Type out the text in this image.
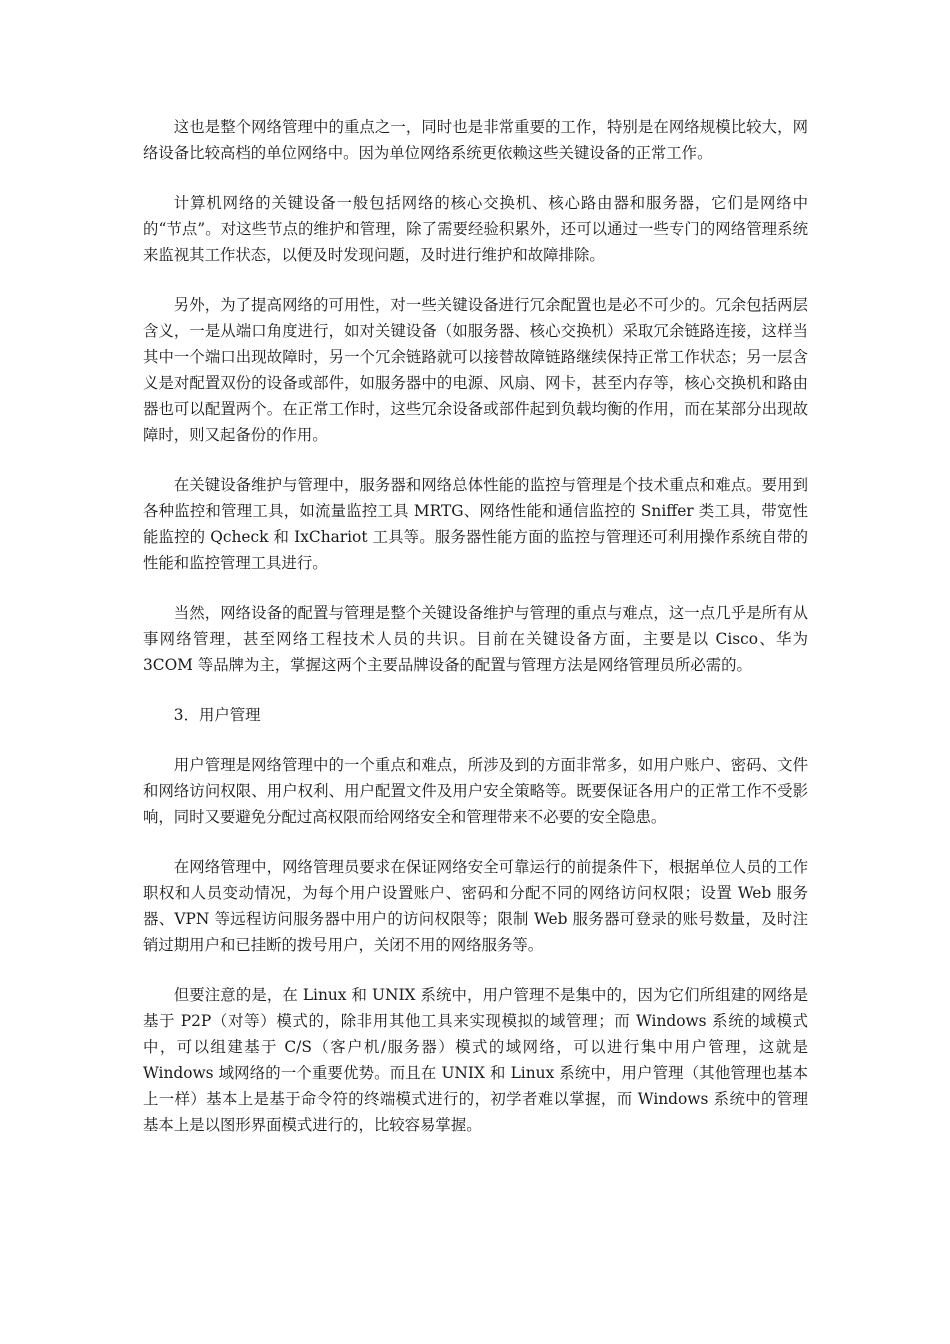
这也是整个网络管理中的重点之一，同时也是非常重要的工作，特别是在网络规模比较大，网络设备比较高档的单位网络中。因为单位网络系统更依赖这些关键设备的正常工作。

计算机网络的关键设备一般包括网络的核心交换机、核心路由器和服务器，它们是网络中的“节点”。对这些节点的维护和管理，除了需要经验积累外，还可以通过一些专门的网络管理系统来监视其工作状态，以便及时发现问题，及时进行维护和故障排除。

另外，为了提高网络的可用性，对一些关键设备进行冗余配置也是必不可少的。冗余包括两层含义，一是从端口角度进行，如对关键设备（如服务器、核心交换机）采取冗余链路连接，这样当其中一个端口出现故障时，另一个冗余链路就可以接替故障链路继续保持正常工作状态；另一层含义是对配置双份的设备或部件，如服务器中的电源、风扇、网卡，甚至内存等，核心交换机和路由器也可以配置两个。在正常工作时，这些冗余设备或部件起到负载均衡的作用，而在某部分出现故障时，则又起备份的作用。

在关键设备维护与管理中，服务器和网络总体性能的监控与管理是个技术重点和难点。要用到各种监控和管理工具，如流量监控工具 MRTG、网络性能和通信监控的 Sniffer 类工具，带宽性能监控的 Qcheck 和 IxChariot 工具等。服务器性能方面的监控与管理还可利用操作系统自带的性能和监控管理工具进行。

当然，网络设备的配置与管理是整个关键设备维护与管理的重点与难点，这一点几乎是所有从事网络管理，甚至网络工程技术人员的共识。目前在关键设备方面，主要是以 Cisco、华为 3COM 等品牌为主，掌握这两个主要品牌设备的配置与管理方法是网络管理员所必需的。

3．用户管理

用户管理是网络管理中的一个重点和难点，所涉及到的方面非常多，如用户账户、密码、文件和网络访问权限、用户权利、用户配置文件及用户安全策略等。既要保证各用户的正常工作不受影响，同时又要避免分配过高权限而给网络安全和管理带来不必要的安全隐患。

在网络管理中，网络管理员要求在保证网络安全可靠运行的前提条件下，根据单位人员的工作职权和人员变动情况，为每个用户设置账户、密码和分配不同的网络访问权限；设置 Web 服务器、VPN 等远程访问服务器中用户的访问权限等；限制 Web 服务器可登录的账号数量，及时注销过期用户和已挂断的拨号用户，关闭不用的网络服务等。

但要注意的是，在 Linux 和 UNIX 系统中，用户管理不是集中的，因为它们所组建的网络是基于 P2P（对等）模式的，除非用其他工具来实现模拟的域管理；而 Windows 系统的域模式中，可以组建基于 C/S（客户机/服务器）模式的域网络，可以进行集中用户管理，这就是 Windows 域网络的一个重要优势。而且在 UNIX 和 Linux 系统中，用户管理（其他管理也基本上一样）基本上是基于命令符的终端模式进行的，初学者难以掌握，而 Windows 系统中的管理基本上是以图形界面模式进行的，比较容易掌握。
